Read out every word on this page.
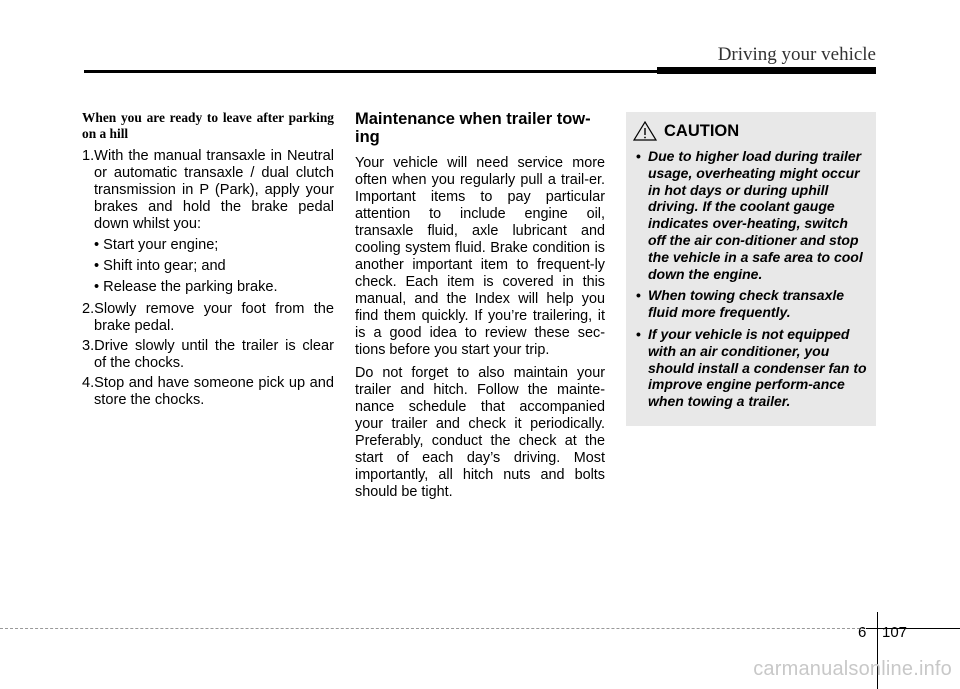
Driving your vehicle

When you are ready to leave after parking on a hill

1.With the manual transaxle in Neutral or automatic transaxle / dual clutch transmission in P (Park), apply your brakes and hold the brake pedal down whilst you:

• Start your engine;
• Shift into gear; and
• Release the parking brake.

2.Slowly remove your foot from the brake pedal.

3.Drive slowly until the trailer is clear of the chocks.

4.Stop and have someone pick up and store the chocks.

Maintenance when trailer tow-ing

Your vehicle will need service more often when you regularly pull a trail-er. Important items to pay particular attention to include engine oil, transaxle fluid, axle lubricant and cooling system fluid. Brake condition is another important item to frequent-ly check. Each item is covered in this manual, and the Index will help you find them quickly. If you’re trailering, it is a good idea to review these sec-tions before you start your trip.

Do not forget to also maintain your trailer and hitch. Follow the mainte-nance schedule that accompanied your trailer and check it periodically. Preferably, conduct the check at the start of each day’s driving. Most importantly, all hitch nuts and bolts should be tight.

CAUTION
• Due to higher load during trailer usage, overheating might occur in hot days or during uphill driving. If the coolant gauge indicates over-heating, switch off the air con-ditioner and stop the vehicle in a safe area to cool down the engine.
• When towing check transaxle fluid more frequently.
• If your vehicle is not equipped with an air conditioner, you should install a condenser fan to improve engine perform-ance when towing a trailer.
6 107
carmanualsonline.info
